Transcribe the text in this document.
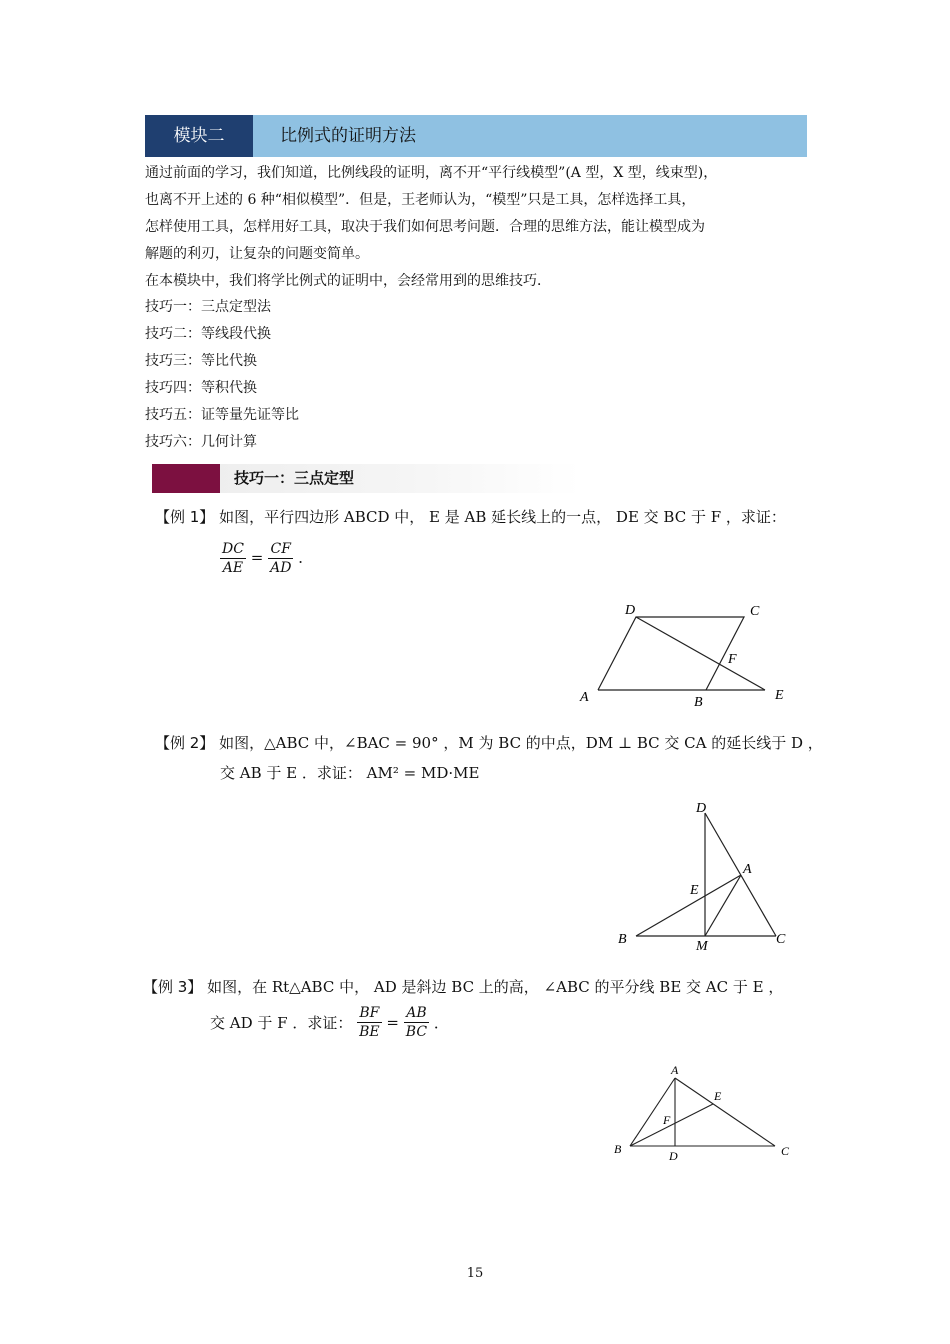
模块二	比例式的证明方法

通过前面的学习，我们知道，比例线段的证明，离不开“平行线模型”(A 型，X 型，线束型)，

也离不开上述的 6 种“相似模型”．但是，王老师认为，“模型”只是工具，怎样选择工具，

怎样使用工具，怎样用好工具，取决于我们如何思考问题．合理的思维方法，能让模型成为

解题的利刃，让复杂的问题变简单。

在本模块中，我们将学比例式的证明中，会经常用到的思维技巧．

技巧一：三点定型法
技巧二：等线段代换
技巧三：等比代换
技巧四：等积代换
技巧五：证等量先证等比
技巧六：几何计算
技巧一：三点定型
【例 1】 如图，平行四边形 ABCD 中， E 是 AB 延长线上的一点， DE 交 BC 于 F ，求证：
$\frac{DC}{AE} = \frac{CF}{AD}$ ．
D	C
F
A	B	E
【例 2】 如图，△ABC 中，∠BAC = 90° ，M 为 BC 的中点，DM ⊥ BC 交 CA 的延长线于 D ，
交 AB 于 E ．求证： AM² = MD·ME
D
A
E
B	M	C
【例 3】 如图，在 Rt△ABC 中， AD 是斜边 BC 上的高， ∠ABC 的平分线 BE 交 AC 于 E ，
交 AD 于 F ．求证： $\frac{BF}{BE} = \frac{AB}{BC}$ ．
A
E
F
B	D	C
15
